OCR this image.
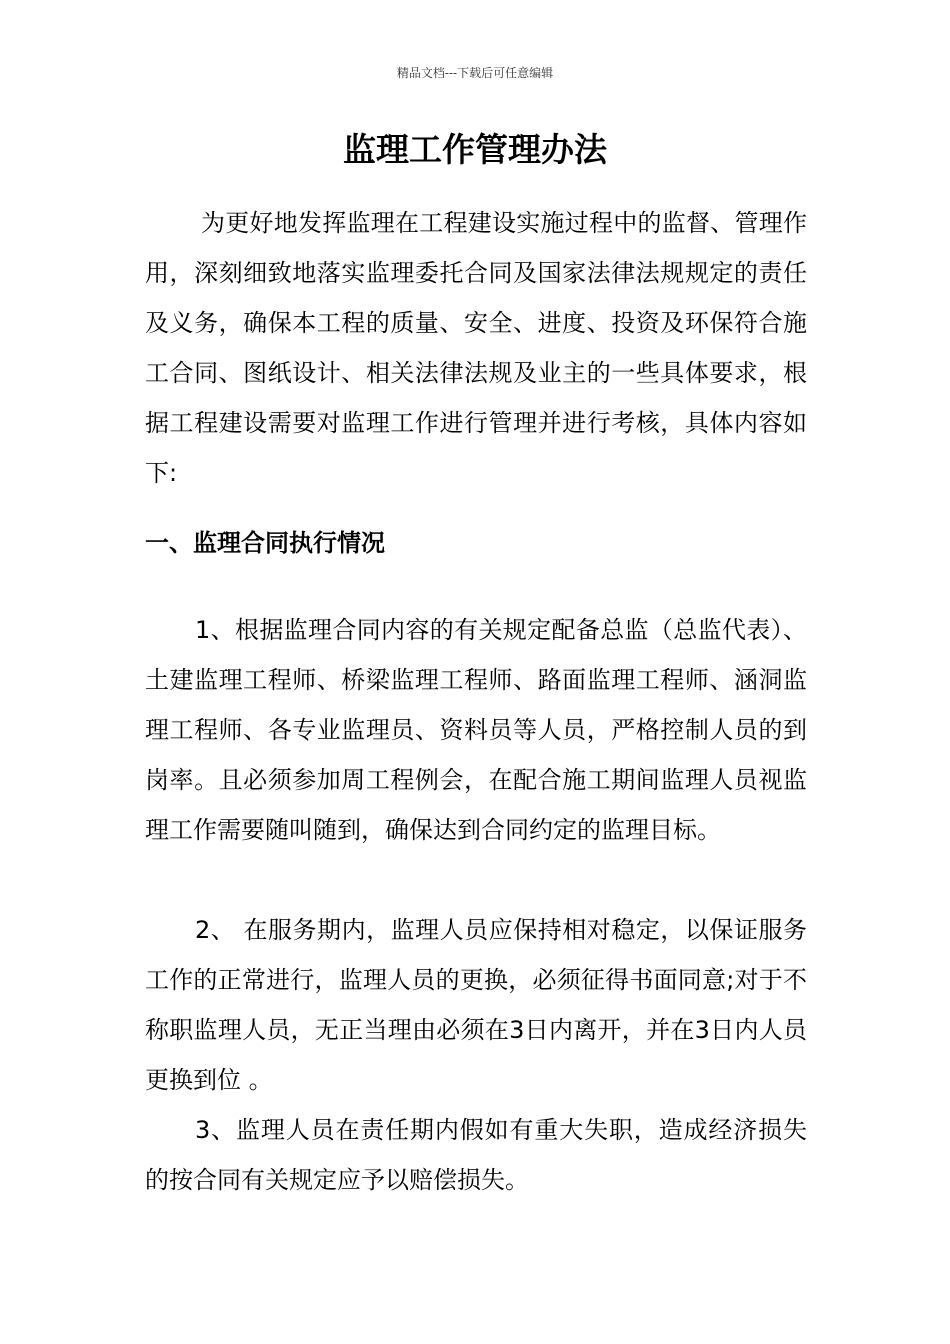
精品文档---下载后可任意编辑
监理工作管理办法

为更好地发挥监理在工程建设实施过程中的监督、管理作用，深刻细致地落实监理委托合同及国家法律法规规定的责任及义务，确保本工程的质量、安全、进度、投资及环保符合施工合同、图纸设计、相关法律法规及业主的一些具体要求，根据工程建设需要对监理工作进行管理并进行考核，具体内容如下:

一、监理合同执行情况

1、根据监理合同内容的有关规定配备总监（总监代表）、土建监理工程师、桥梁监理工程师、路面监理工程师、涵洞监理工程师、各专业监理员、资料员等人员，严格控制人员的到岗率。且必须参加周工程例会，在配合施工期间监理人员视监理工作需要随叫随到，确保达到合同约定的监理目标。

2、 在服务期内，监理人员应保持相对稳定，以保证服务工作的正常进行，监理人员的更换，必须征得书面同意;对于不称职监理人员，无正当理由必须在3日内离开，并在3日内人员更换到位 。

3、监理人员在责任期内假如有重大失职，造成经济损失的按合同有关规定应予以赔偿损失。
